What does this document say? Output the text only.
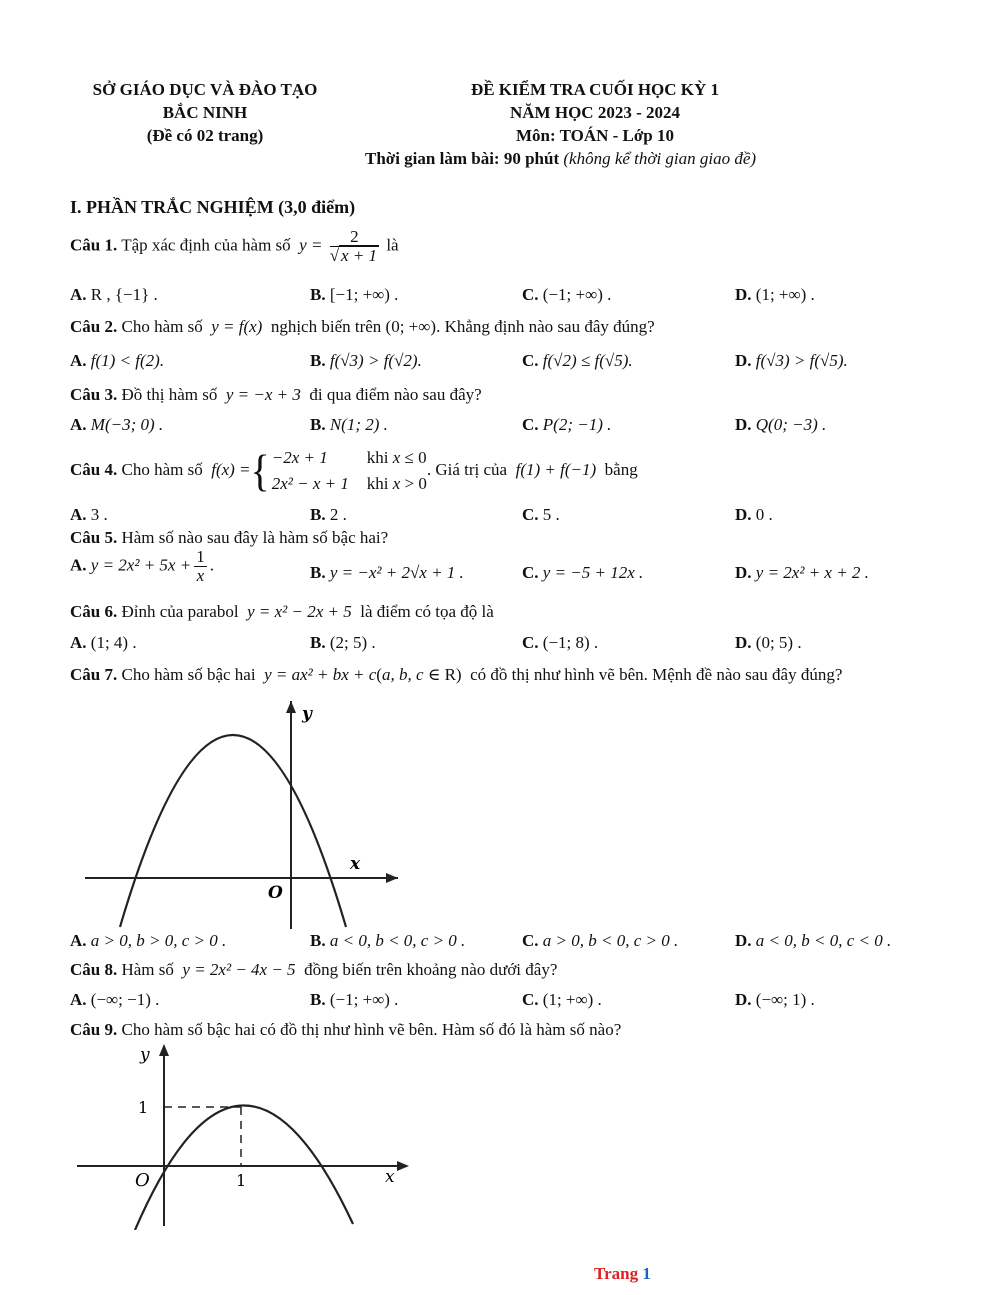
SỞ GIÁO DỤC VÀ ĐÀO TẠO
BẮC NINH
(Đề có 02 trang)
ĐỀ KIỂM TRA CUỐI HỌC KỲ 1
NĂM HỌC 2023 - 2024
Môn: TOÁN - Lớp 10
Thời gian làm bài: 90 phút (không kể thời gian giao đề)
I. PHẦN TRẮC NGHIỆM (3,0 điểm)
Câu 1. Tập xác định của hàm số  $y = \frac{2}{√ x + 1}$ là
A. R , {−1} .	B. [−1; +∞) .	C. (−1; +∞) .	D. (1; +∞) .
Câu 2. Cho hàm số  y = f(x)  nghịch biến trên (0; +∞). Khẳng định nào sau đây đúng?
A. f(1) < f(2).	B. f(√3) > f(√2).	C. f(√2) ≤ f(√5).	D. f(√3) > f(√5).
Câu 3. Đồ thị hàm số  y = −x + 3  đi qua điểm nào sau đây?
A. M(−3; 0) .	B. N(1; 2) .	C. P(2; −1) .	D. Q(0; −3) .
Câu 4. Cho hàm số  f(x) ={ −2x + 1 khi x ≤ 0
2x² − x + 1 khi x > 0. Giá trị của  f(1) + f(−1)  bằng
A. 3 .	B. 2 .	C. 5 .	D. 0 .
Câu 5. Hàm số nào sau đây là hàm số bậc hai?
A. $y = 2x^2 + 5x + \frac{1}{x}$ .	B. y = −x² + 2√x + 1 .	C. y = −5 + 12x .	D. y = 2x² + x + 2 .
Câu 6. Đỉnh của parabol  y = x² − 2x + 5  là điểm có tọa độ là
A. (1; 4) .	B. (2; 5) .	C. (−1; 8) .	D. (0; 5) .
Câu 7. Cho hàm số bậc hai  y = ax² + bx + c(a, b, c ∈ R)  có đồ thị như hình vẽ bên. Mệnh đề nào sau đây đúng?
y
x
O
A. a > 0, b > 0, c > 0 .	B. a < 0, b < 0, c > 0 .	C. a > 0, b < 0, c > 0 .	D. a < 0, b < 0, c < 0 .
Câu 8. Hàm số  y = 2x² − 4x − 5  đồng biến trên khoảng nào dưới đây?
A. (−∞; −1) .	B. (−1; +∞) .	C. (1; +∞) .	D. (−∞; 1) .
Câu 9. Cho hàm số bậc hai có đồ thị như hình vẽ bên. Hàm số đó là hàm số nào?
y
x
O
1
1
Trang 1
